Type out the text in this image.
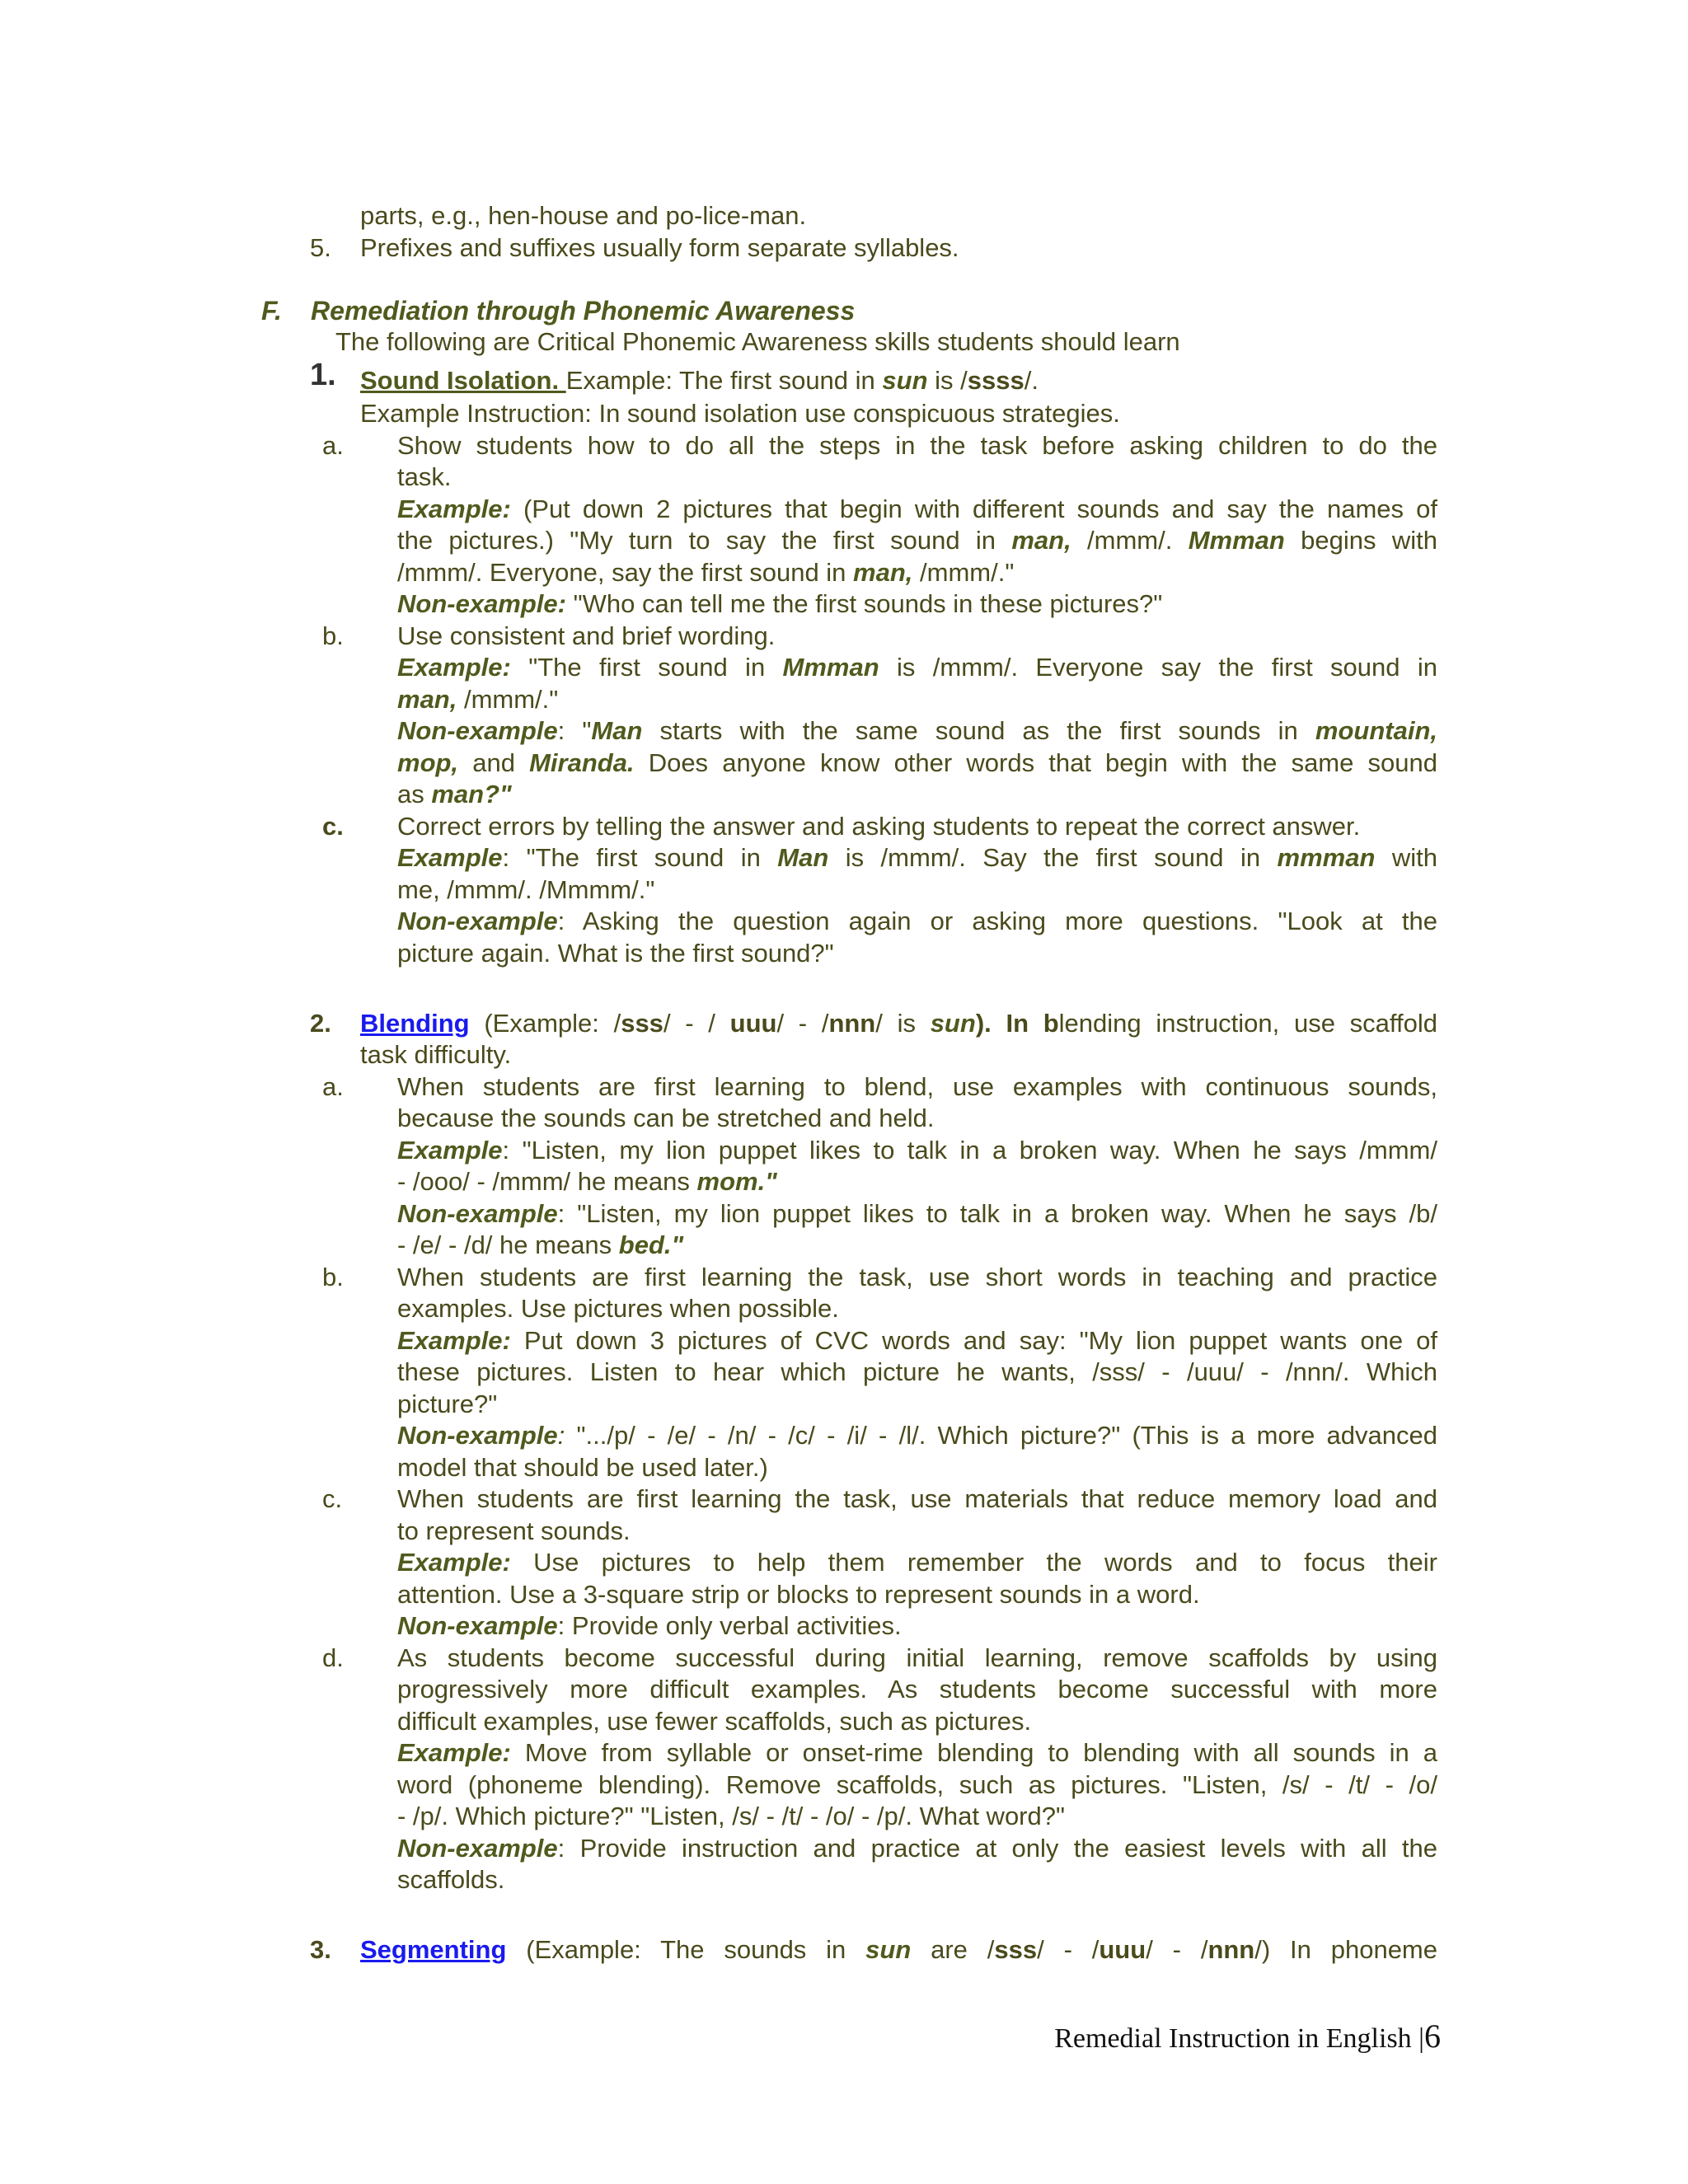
parts, e.g., hen-house and po-lice-man.
5. Prefixes and suffixes usually form separate syllables.
F. Remediation through Phonemic Awareness
The following are Critical Phonemic Awareness skills students should learn
1. Sound Isolation. Example: The first sound in sun is /ssss/.
Example Instruction: In sound isolation use conspicuous strategies.
a. Show students how to do all the steps in the task before asking children to do the
task.
Example: (Put down 2 pictures that begin with different sounds and say the names of
the pictures.) "My turn to say the first sound in man, /mmm/. Mmman begins with
/mmm/. Everyone, say the first sound in man, /mmm/."
Non-example: "Who can tell me the first sounds in these pictures?"
b. Use consistent and brief wording.
Example: "The first sound in Mmman is /mmm/. Everyone say the first sound in
man, /mmm/."
Non-example: "Man starts with the same sound as the first sounds in mountain,
mop, and Miranda. Does anyone know other words that begin with the same sound
as man?"
c. Correct errors by telling the answer and asking students to repeat the correct answer.
Example: "The first sound in Man is /mmm/. Say the first sound in mmman with
me, /mmm/. /Mmmm/."
Non-example: Asking the question again or asking more questions. "Look at the
picture again. What is the first sound?"
2. Blending (Example: /sss/ - / uuu/ - /nnn/ is sun). In blending instruction, use scaffold
task difficulty.
a. When students are first learning to blend, use examples with continuous sounds,
because the sounds can be stretched and held.
Example: "Listen, my lion puppet likes to talk in a broken way. When he says /mmm/
- /ooo/ - /mmm/ he means mom."
Non-example: "Listen, my lion puppet likes to talk in a broken way. When he says /b/
- /e/ - /d/ he means bed."
b. When students are first learning the task, use short words in teaching and practice
examples. Use pictures when possible.
Example: Put down 3 pictures of CVC words and say: "My lion puppet wants one of
these pictures. Listen to hear which picture he wants, /sss/ - /uuu/ - /nnn/. Which
picture?"
Non-example: ".../p/ - /e/ - /n/ - /c/ - /i/ - /l/. Which picture?" (This is a more advanced
model that should be used later.)
c. When students are first learning the task, use materials that reduce memory load and
to represent sounds.
Example: Use pictures to help them remember the words and to focus their
attention. Use a 3-square strip or blocks to represent sounds in a word.
Non-example: Provide only verbal activities.
d. As students become successful during initial learning, remove scaffolds by using
progressively more difficult examples. As students become successful with more
difficult examples, use fewer scaffolds, such as pictures.
Example: Move from syllable or onset-rime blending to blending with all sounds in a
word (phoneme blending). Remove scaffolds, such as pictures. "Listen, /s/ - /t/ - /o/
- /p/. Which picture?" "Listen, /s/ - /t/ - /o/ - /p/. What word?"
Non-example: Provide instruction and practice at only the easiest levels with all the
scaffolds.
3. Segmenting (Example: The sounds in sun are /sss/ - /uuu/ - /nnn/) In phoneme
Remedial Instruction in English |6
